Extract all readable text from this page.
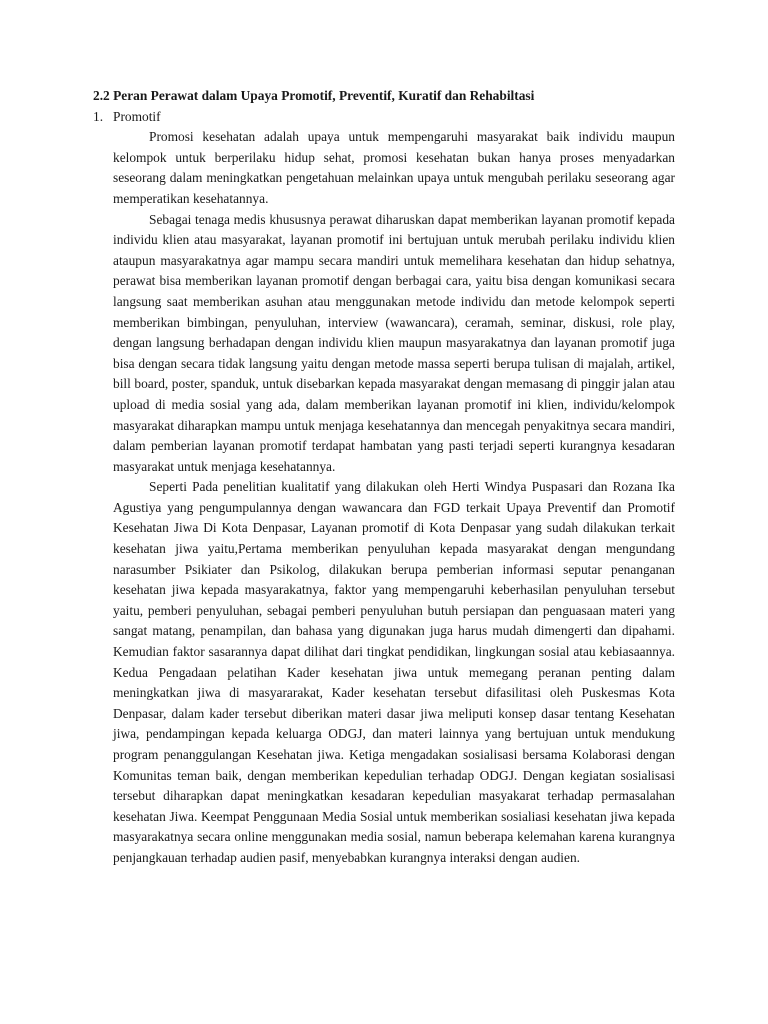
2.2 Peran Perawat dalam Upaya Promotif, Preventif, Kuratif dan Rehabiltasi

1. Promotif

Promosi kesehatan adalah upaya untuk mempengaruhi masyarakat baik individu maupun kelompok untuk berperilaku hidup sehat, promosi kesehatan bukan hanya proses menyadarkan seseorang dalam meningkatkan pengetahuan melainkan upaya untuk mengubah perilaku seseorang agar memperatikan kesehatannya.

Sebagai tenaga medis khususnya perawat diharuskan dapat memberikan layanan promotif kepada individu klien atau masyarakat, layanan promotif ini bertujuan untuk merubah perilaku individu klien ataupun masyarakatnya agar mampu secara mandiri untuk memelihara kesehatan dan hidup sehatnya, perawat bisa memberikan layanan promotif dengan berbagai cara, yaitu bisa dengan komunikasi secara langsung saat memberikan asuhan atau menggunakan metode individu dan metode kelompok seperti memberikan bimbingan, penyuluhan, interview (wawancara), ceramah, seminar, diskusi, role play, dengan langsung berhadapan dengan individu klien maupun masyarakatnya dan layanan promotif juga bisa dengan secara tidak langsung yaitu dengan metode massa seperti berupa tulisan di majalah, artikel, bill board, poster, spanduk, untuk disebarkan kepada masyarakat dengan memasang di pinggir jalan atau upload di media sosial yang ada, dalam memberikan layanan promotif ini klien, individu/kelompok masyarakat diharapkan mampu untuk menjaga kesehatannya dan mencegah penyakitnya secara mandiri, dalam pemberian layanan promotif terdapat hambatan yang pasti terjadi seperti kurangnya kesadaran masyarakat untuk menjaga kesehatannya.

Seperti Pada penelitian kualitatif yang dilakukan oleh Herti Windya Puspasari dan Rozana Ika Agustiya yang pengumpulannya dengan wawancara dan FGD terkait Upaya Preventif dan Promotif Kesehatan Jiwa Di Kota Denpasar, Layanan promotif di Kota Denpasar yang sudah dilakukan terkait kesehatan jiwa yaitu,Pertama memberikan penyuluhan kepada masyarakat dengan mengundang narasumber Psikiater dan Psikolog, dilakukan berupa pemberian informasi seputar penanganan kesehatan jiwa kepada masyarakatnya, faktor yang mempengaruhi keberhasilan penyuluhan tersebut yaitu, pemberi penyuluhan, sebagai pemberi penyuluhan butuh persiapan dan penguasaan materi yang sangat matang, penampilan, dan bahasa yang digunakan juga harus mudah dimengerti dan dipahami. Kemudian faktor sasarannya dapat dilihat dari tingkat pendidikan, lingkungan sosial atau kebiasaannya. Kedua Pengadaan pelatihan Kader kesehatan jiwa untuk memegang peranan penting dalam meningkatkan jiwa di masyararakat, Kader kesehatan tersebut difasilitasi oleh Puskesmas Kota Denpasar, dalam kader tersebut diberikan materi dasar jiwa meliputi konsep dasar tentang Kesehatan jiwa, pendampingan kepada keluarga ODGJ, dan materi lainnya yang bertujuan untuk mendukung program penanggulangan Kesehatan jiwa. Ketiga mengadakan sosialisasi bersama Kolaborasi dengan Komunitas teman baik, dengan memberikan kepedulian terhadap ODGJ. Dengan kegiatan sosialisasi tersebut diharapkan dapat meningkatkan kesadaran kepedulian masyakarat terhadap permasalahan kesehatan Jiwa. Keempat Penggunaan Media Sosial untuk memberikan sosialiasi kesehatan jiwa kepada masyarakatnya secara online menggunakan media sosial, namun beberapa kelemahan karena kurangnya penjangkauan terhadap audien pasif, menyebabkan kurangnya interaksi dengan audien.
